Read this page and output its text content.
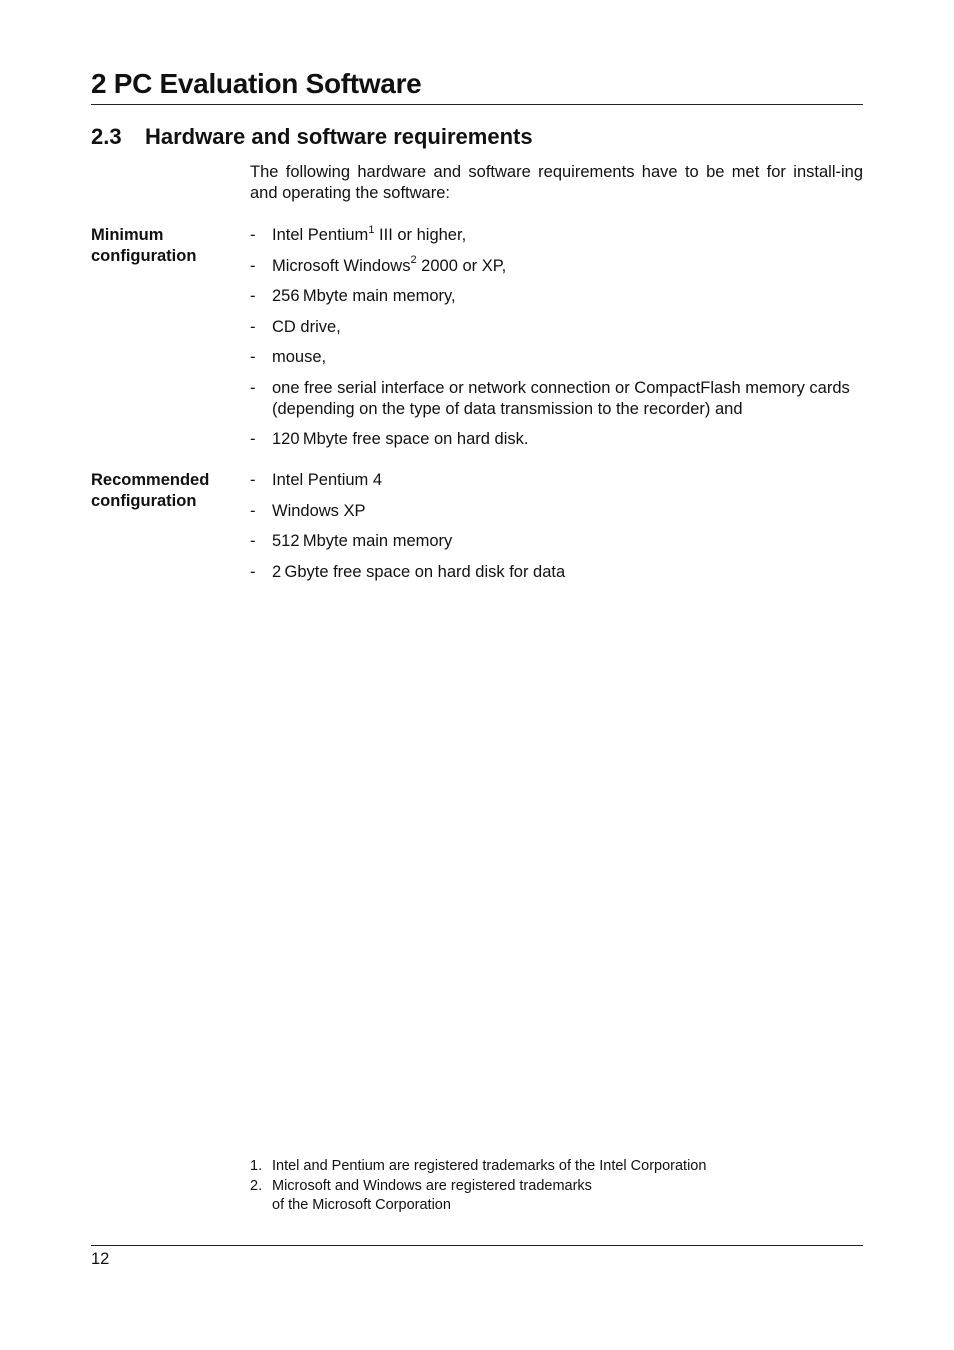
2 PC Evaluation Software
2.3 Hardware and software requirements

The following hardware and software requirements have to be met for install-ing and operating the software:

Minimum
configuration
- Intel Pentium$^1$ III or higher,
- Microsoft Windows$^2$ 2000 or XP,
- 256 Mbyte main memory,
- CD drive,
- mouse,
- one free serial interface or network connection or CompactFlash memory cards (depending on the type of data transmission to the recorder) and
- 120 Mbyte free space on hard disk.
Recommended
configuration
- Intel Pentium 4
- Windows XP
- 512 Mbyte main memory
- 2 Gbyte free space on hard disk for data
1. Intel and Pentium are registered trademarks of the Intel Corporation
2. Microsoft and Windows are registered trademarks
of the Microsoft Corporation

12
